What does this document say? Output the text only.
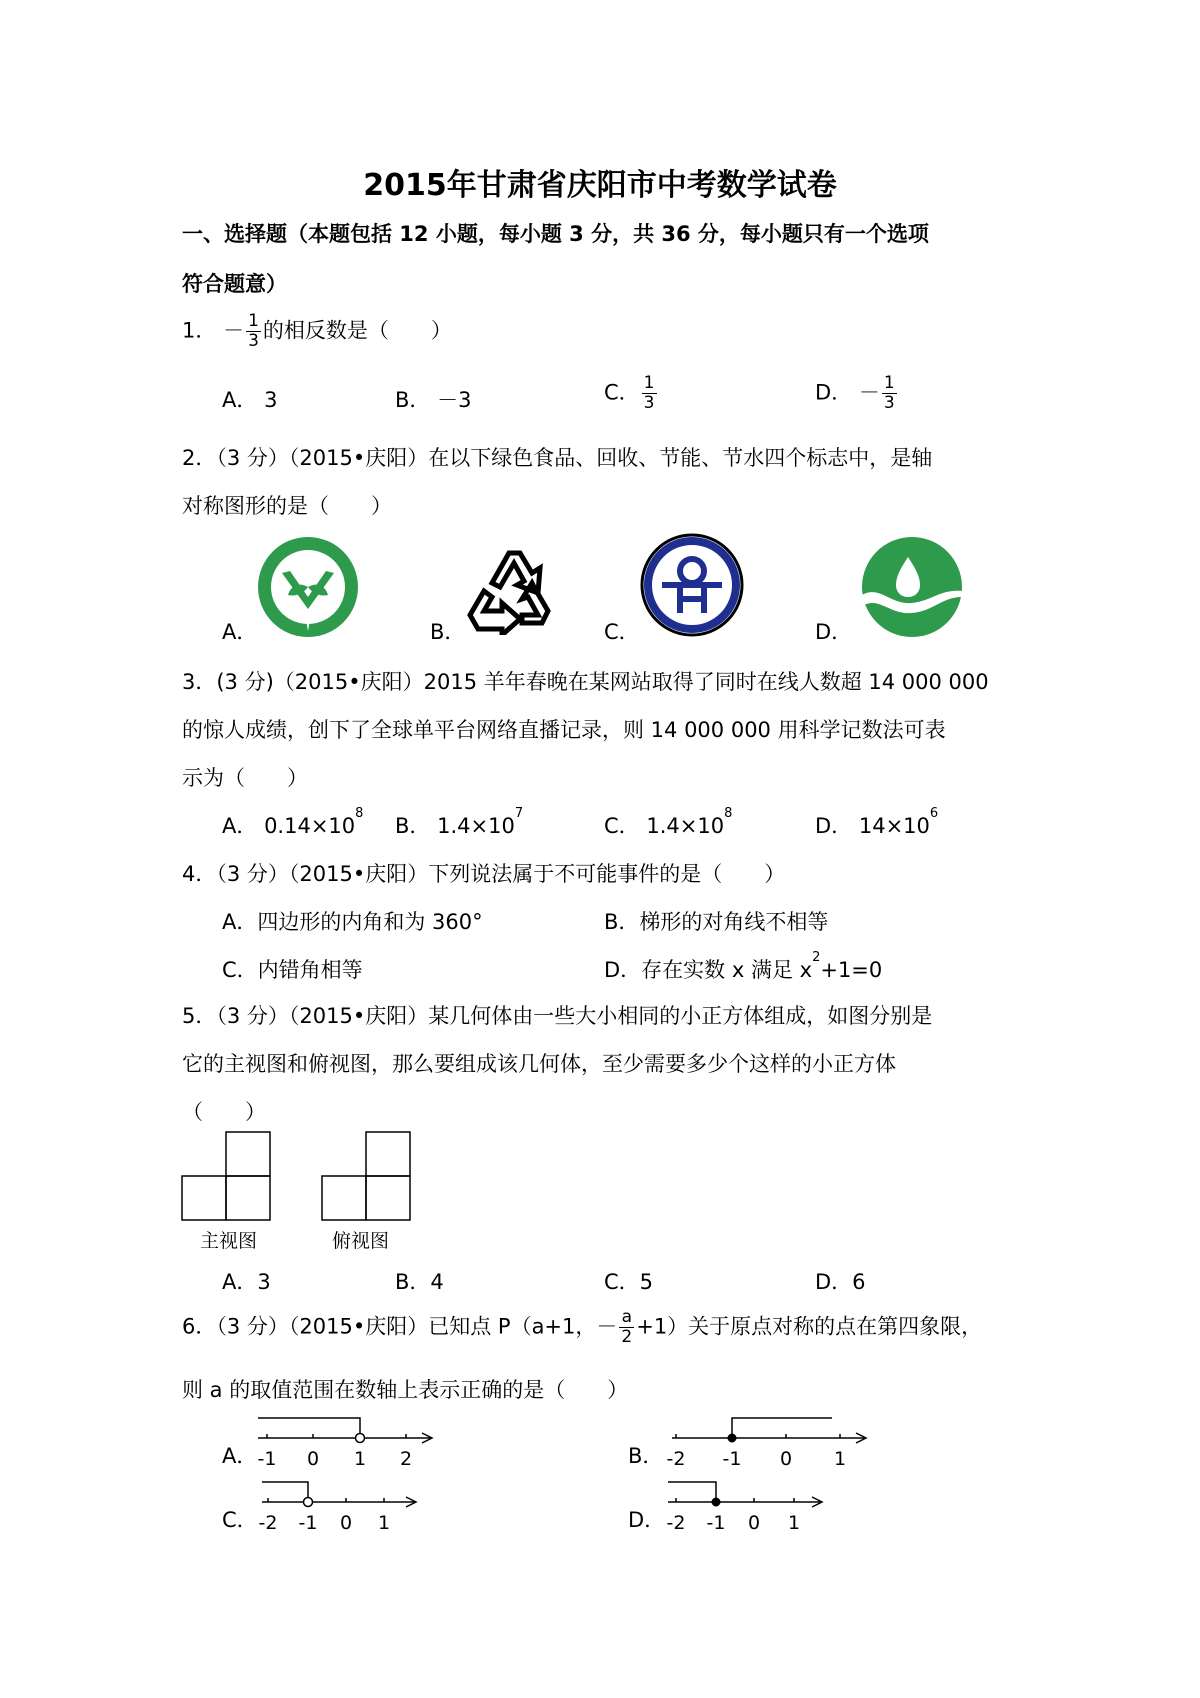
2015年甘肃省庆阳市中考数学试卷
一、选择题（本题包括 12 小题，每小题 3 分，共 36 分，每小题只有一个选项
符合题意）
1． － $\frac{1}{3}$ 的相反数是（　　）
A． 3	B． －3	C． $\frac{1}{3}$	D． － $\frac{1}{3}$
2．（3 分）（2015•庆阳）在以下绿色食品、回收、节能、节水四个标志中，是轴
对称图形的是（　　）
A．	B．	C．	D．
3．(3 分)（2015•庆阳）2015 羊年春晚在某网站取得了同时在线人数超 14 000 000
的惊人成绩，创下了全球单平台网络直播记录，则 14 000 000 用科学记数法可表
示为（　　）
A． $0.14\times 10^8$
B． $1.4\times 10^7$
C． $1.4\times 10^8$
D． $14\times 10^6$
4．（3 分）（2015•庆阳）下列说法属于不可能事件的是（　　）
A．四边形的内角和为 360°	B．梯形的对角线不相等
C．内错角相等	D．存在实数 x 满足 $x^2+1=0$
5．（3 分）（2015•庆阳）某几何体由一些大小相同的小正方体组成，如图分别是
它的主视图和俯视图，那么要组成该几何体，至少需要多少个这样的小正方体
（　　）
主视图	俯视图
A．3	B．4	C．5	D．6
6．（3 分）（2015•庆阳）已知点 P（a+1，－ $\frac{a}{2} +1$）关于原点对称的点在第四象限，
则 a 的取值范围在数轴上表示正确的是（　　）
A． -1 0 1 2	B． -2 -1 0 1
C． -2 -1 0 1	D． -2 -1 0 1
